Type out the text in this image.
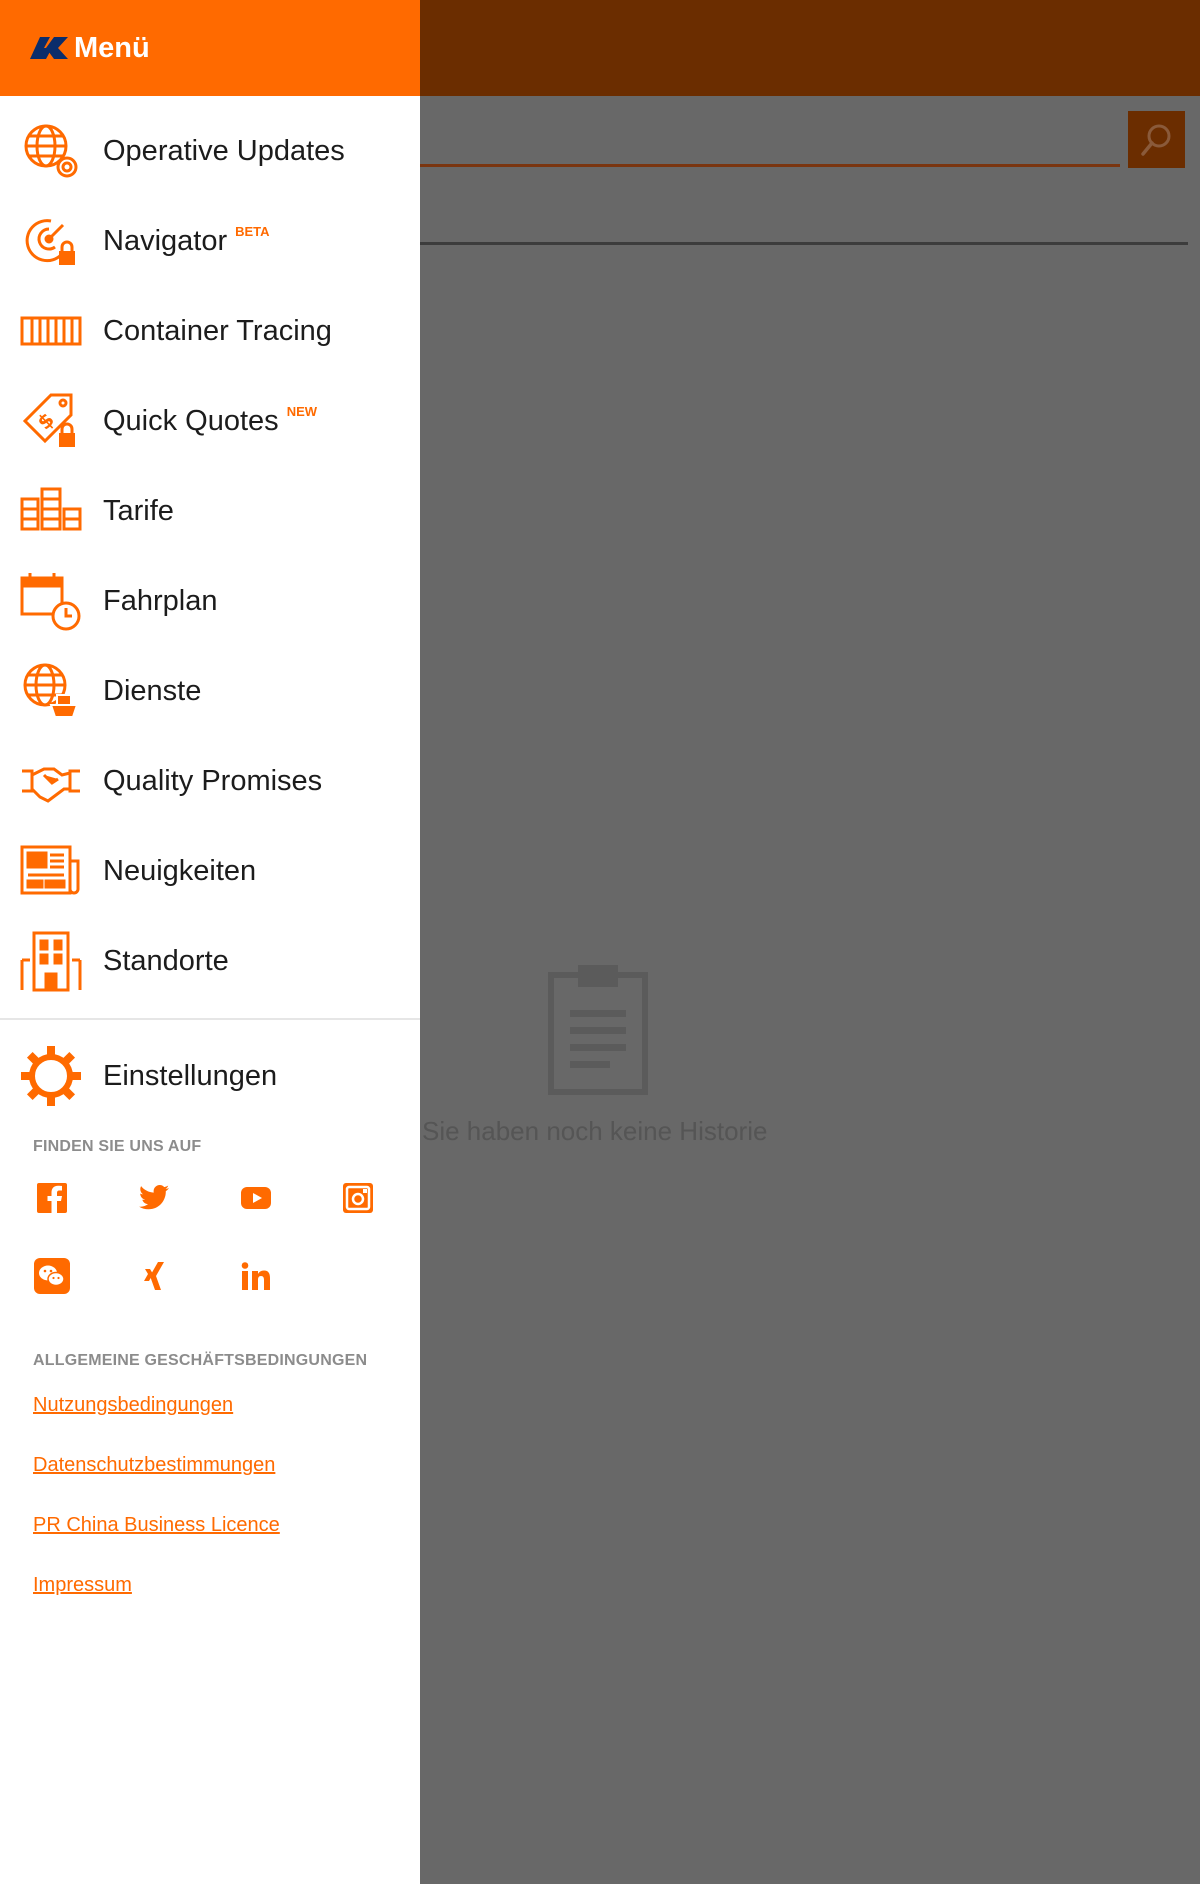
Sie haben noch keine Historie
Menü
Operative Updates
Navigator $^{BETA}$
Container Tracing
$ Quick Quotes $^{NEW}$
Tarife
Fahrplan
Dienste
Quality Promises
Neuigkeiten
Standorte
Einstellungen
FINDEN SIE UNS AUF
ALLGEMEINE GESCHÄFTSBEDINGUNGEN
Nutzungsbedingungen
Datenschutzbestimmungen
PR China Business Licence
Impressum
